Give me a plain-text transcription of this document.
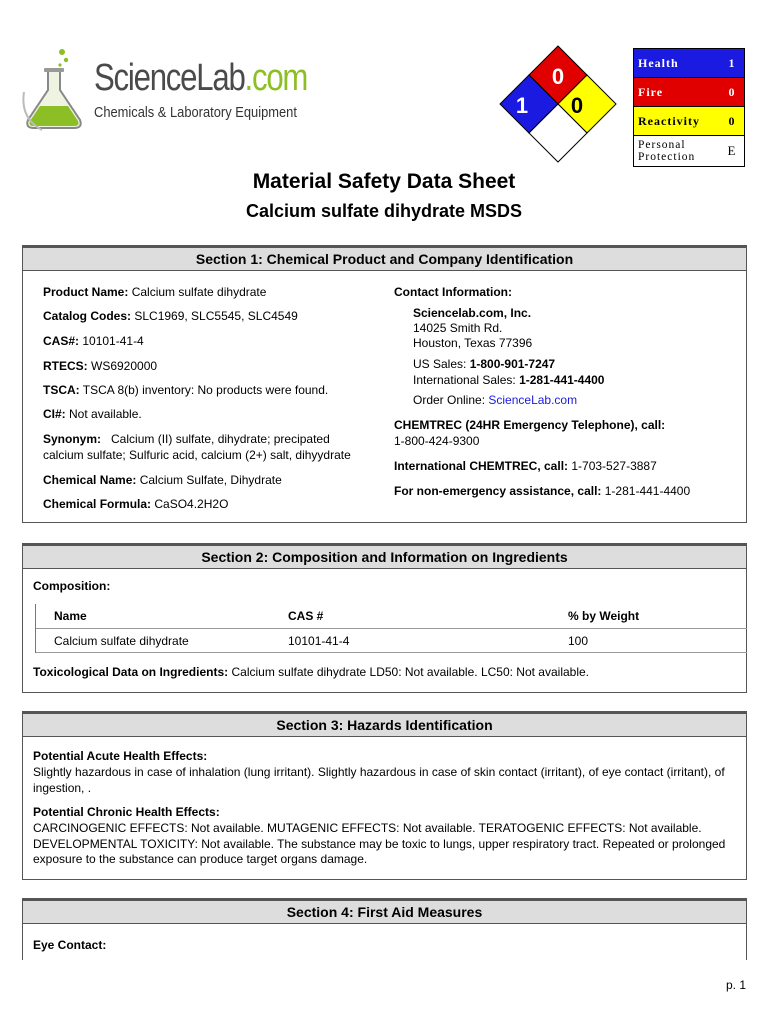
ScienceLab.com
Chemicals & Laboratory Equipment
0
1	0
Health	1
Fire	0
Reactivity	0
Personal
Protection	E
Material Safety Data Sheet
Calcium sulfate dihydrate MSDS
Section 1: Chemical Product and Company Identification
Product Name: Calcium sulfate dihydrate
Catalog Codes: SLC1969, SLC5545, SLC4549
CAS#: 10101-41-4
RTECS: WS6920000
TSCA: TSCA 8(b) inventory: No products were found.
CI#: Not available.
Synonym:   Calcium (II) sulfate, dihydrate; precipated
calcium sulfate; Sulfuric acid, calcium (2+) salt, dihyydrate
Chemical Name: Calcium Sulfate, Dihydrate
Chemical Formula: CaSO4.2H2O
Contact Information:
Sciencelab.com, Inc.
14025 Smith Rd.
Houston, Texas 77396
US Sales: 1-800-901-7247
International Sales: 1-281-441-4400
Order Online: ScienceLab.com
CHEMTREC (24HR Emergency Telephone), call:
1-800-424-9300
International CHEMTREC, call: 1-703-527-3887
For non-emergency assistance, call: 1-281-441-4400
Section 2: Composition and Information on Ingredients
Composition:
Name	CAS #	% by Weight
Calcium sulfate dihydrate	10101-41-4	100
Toxicological Data on Ingredients: Calcium sulfate dihydrate LD50: Not available. LC50: Not available.
Section 3: Hazards Identification
Potential Acute Health Effects:
Slightly hazardous in case of inhalation (lung irritant). Slightly hazardous in case of skin contact (irritant), of eye contact (irritant), of ingestion, .
Potential Chronic Health Effects:
CARCINOGENIC EFFECTS: Not available. MUTAGENIC EFFECTS: Not available. TERATOGENIC EFFECTS: Not available. DEVELOPMENTAL TOXICITY: Not available. The substance may be toxic to lungs, upper respiratory tract. Repeated or prolonged exposure to the substance can produce target organs damage.
Section 4: First Aid Measures
Eye Contact:
p. 1
